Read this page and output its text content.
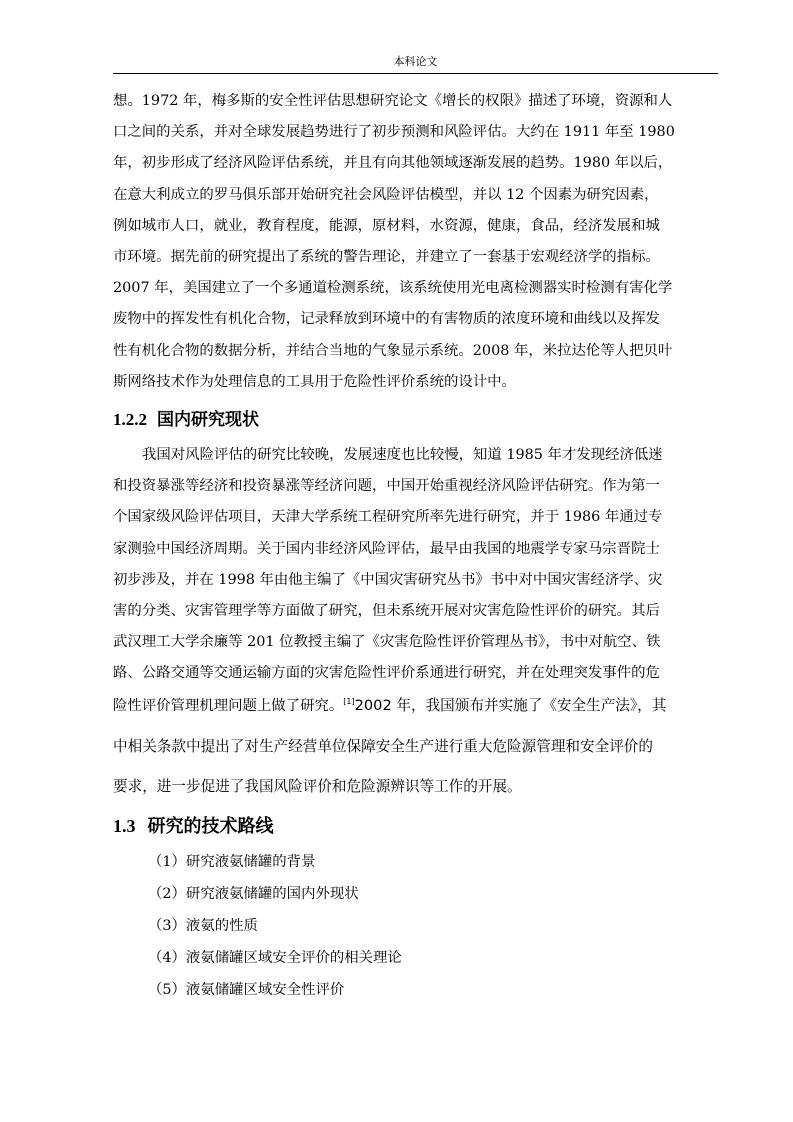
本科论文
想。1972 年，梅多斯的安全性评估思想研究论文《增长的权限》描述了环境，资源和人
口之间的关系，并对全球发展趋势进行了初步预测和风险评估。大约在 1911 年至 1980
年，初步形成了经济风险评估系统，并且有向其他领域逐渐发展的趋势。1980 年以后，
在意大利成立的罗马俱乐部开始研究社会风险评估模型，并以 12 个因素为研究因素，
例如城市人口，就业，教育程度，能源，原材料，水资源，健康，食品，经济发展和城
市环境。据先前的研究提出了系统的警告理论，并建立了一套基于宏观经济学的指标。
2007 年，美国建立了一个多通道检测系统，该系统使用光电离检测器实时检测有害化学
废物中的挥发性有机化合物，记录释放到环境中的有害物质的浓度环境和曲线以及挥发
性有机化合物的数据分析，并结合当地的气象显示系统。2008 年，米拉达伦等人把贝叶
斯网络技术作为处理信息的工具用于危险性评价系统的设计中。
1.2.2 国内研究现状
我国对风险评估的研究比较晚，发展速度也比较慢，知道 1985 年才发现经济低迷
和投资暴涨等经济和投资暴涨等经济问题，中国开始重视经济风险评估研究。作为第一
个国家级风险评估项目，天津大学系统工程研究所率先进行研究，并于 1986 年通过专
家测验中国经济周期。关于国内非经济风险评估，最早由我国的地震学专家马宗晋院士
初步涉及，并在 1998 年由他主编了《中国灾害研究丛书》书中对中国灾害经济学、灾
害的分类、灾害管理学等方面做了研究，但未系统开展对灾害危险性评价的研究。其后
武汉理工大学余廉等 201 位教授主编了《灾害危险性评价管理丛书》，书中对航空、铁
路、公路交通等交通运输方面的灾害危险性评价系通进行研究，并在处理突发事件的危
险性评价管理机理问题上做了研究。[1]2002 年，我国颁布并实施了《安全生产法》，其
中相关条款中提出了对生产经营单位保障安全生产进行重大危险源管理和安全评价的
要求，进一步促进了我国风险评价和危险源辨识等工作的开展。
1.3 研究的技术路线
（1）研究液氨储罐的背景
（2）研究液氨储罐的国内外现状
（3）液氨的性质
（4）液氨储罐区域安全评价的相关理论
（5）液氨储罐区域安全性评价
